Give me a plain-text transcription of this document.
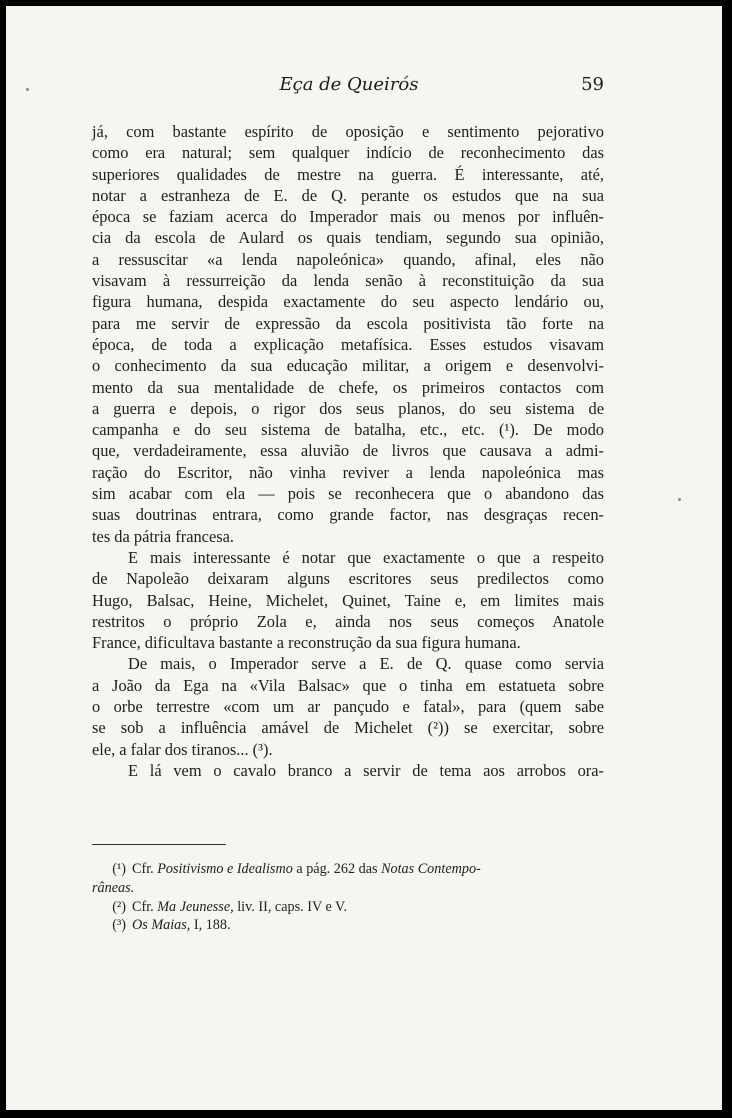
Eça de Queirós	59
já, com bastante espírito de oposição e sentimento pejorativo
como era natural; sem qualquer indício de reconhecimento das
superiores qualidades de mestre na guerra. É interessante, até,
notar a estranheza de E. de Q. perante os estudos que na sua
época se faziam acerca do Imperador mais ou menos por influên-
cia da escola de Aulard os quais tendiam, segundo sua opinião,
a ressuscitar «a lenda napoleónica» quando, afinal, eles não
visavam à ressurreição da lenda senão à reconstituição da sua
figura humana, despida exactamente do seu aspecto lendário ou,
para me servir de expressão da escola positivista tão forte na
época, de toda a explicação metafísica. Esses estudos visavam
o conhecimento da sua educação militar, a origem e desenvolvi-
mento da sua mentalidade de chefe, os primeiros contactos com
a guerra e depois, o rigor dos seus planos, do seu sistema de
campanha e do seu sistema de batalha, etc., etc. (¹). De modo
que, verdadeiramente, essa aluvião de livros que causava a admi-
ração do Escritor, não vinha reviver a lenda napoleónica mas
sim acabar com ela — pois se reconhecera que o abandono das
suas doutrinas entrara, como grande factor, nas desgraças recen-
tes da pátria francesa.
E mais interessante é notar que exactamente o que a respeito
de Napoleão deixaram alguns escritores seus predilectos como
Hugo, Balsac, Heine, Michelet, Quinet, Taine e, em limites mais
restritos o próprio Zola e, ainda nos seus começos Anatole
France, dificultava bastante a reconstrução da sua figura humana.
De mais, o Imperador serve a E. de Q. quase como servia
a João da Ega na «Vila Balsac» que o tinha em estatueta sobre
o orbe terrestre «com um ar pançudo e fatal», para (quem sabe
se sob a influência amável de Michelet (²)) se exercitar, sobre
ele, a falar dos tiranos... (³).
E lá vem o cavalo branco a servir de tema aos arrobos ora-
(¹) Cfr. Positivismo e Idealismo a pág. 262 das Notas Contempo-
râneas.
(²) Cfr. Ma Jeunesse, liv. II, caps. IV e V.
(³) Os Maias, I, 188.
